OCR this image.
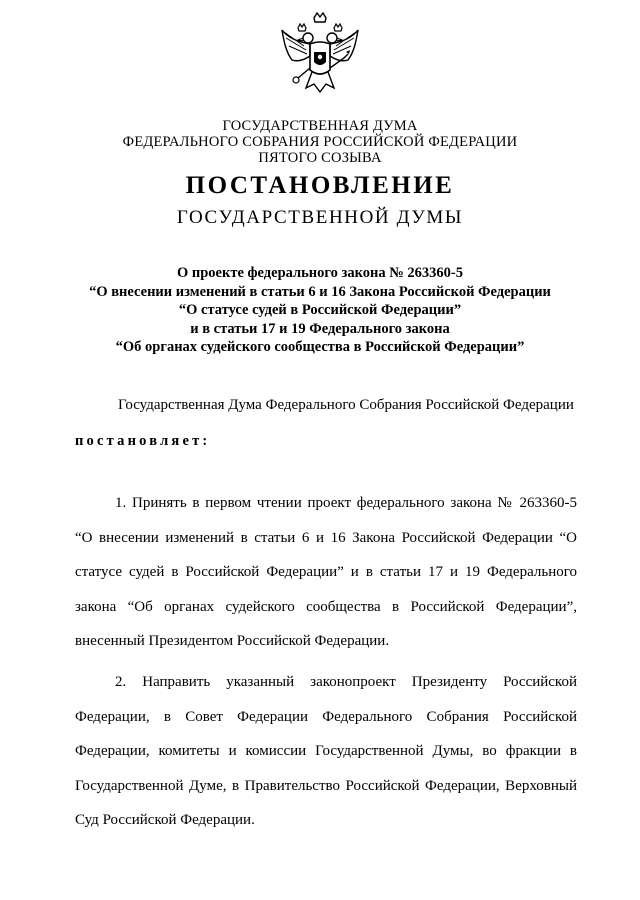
ГОСУДАРСТВЕННАЯ ДУМА
ФЕДЕРАЛЬНОГО СОБРАНИЯ РОССИЙСКОЙ ФЕДЕРАЦИИ
ПЯТОГО СОЗЫВА
ПОСТАНОВЛЕНИЕ
ГОСУДАРСТВЕННОЙ ДУМЫ
О проекте федерального закона № 263360-5
“О внесении изменений в статьи 6 и 16 Закона Российской Федерации
“О статусе судей в Российской Федерации”
и в статьи 17 и 19 Федерального закона
“Об органах судейского сообщества в Российской Федерации”
Государственная Дума Федерального Собрания Российской Федерации
постановляет:
1. Принять в первом чтении проект федерального закона № 263360-5
“О внесении изменений в статьи 6 и 16 Закона Российской Федерации “О
статусе судей в Российской Федерации” и в статьи 17 и 19 Федерального
закона “Об органах судейского сообщества в Российской Федерации”,
внесенный Президентом Российской Федерации.
2. Направить указанный законопроект Президенту Российской
Федерации, в Совет Федерации Федерального Собрания Российской
Федерации, комитеты и комиссии Государственной Думы, во фракции в
Государственной Думе, в Правительство Российской Федерации, Верховный
Суд Российской Федерации.
